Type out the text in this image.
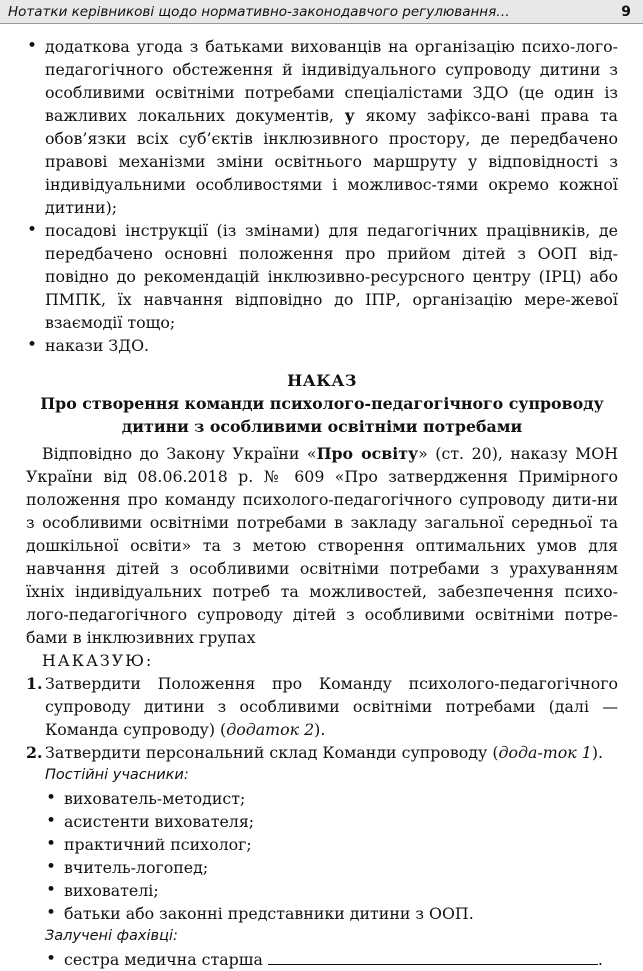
Нотатки керівникові щодо нормативно-законодавчого регулювання…	9
• додаткова угода з батьками вихованців на організацію психо-лого-педагогічного обстеження й індивідуального супроводу дитини з особливими освітніми потребами спеціалістами ЗДО (це один із важливих локальних документів, у якому зафіксо-вані права та обов’язки всіх суб’єктів інклюзивного простору, де передбачено правові механізми зміни освітнього маршруту у відповідності з індивідуальними особливостями і можливос-тями окремо кожної дитини);
• посадові інструкції (із змінами) для педагогічних працівників, де передбачено основні положення про прийом дітей з ООП від-повідно до рекомендацій інклюзивно-ресурсного центру (ІРЦ) або ПМПК, їх навчання відповідно до ІПР, організацію мере-жевої взаємодії тощо;
• накази ЗДО.
НАКАЗ
Про створення команди психолого-педагогічного супроводу
дитини з особливими освітніми потребами

Відповідно до Закону України «Про освіту» (ст. 20), наказу МОН України від 08.06.2018 р. № 609 «Про затвердження Примірного положення про команду психолого-педагогічного супроводу дити-ни з особливими освітніми потребами в закладу загальної середньої та дошкільної освіти» та з метою створення оптимальних умов для навчання дітей з особливими освітніми потребами з урахуванням їхніх індивідуальних потреб та можливостей, забезпечення психо-лого-педагогічного супроводу дітей з особливими освітніми потре-бами в інклюзивних групах

НАКАЗУЮ:
1. Затвердити Положення про Команду психолого-педагогічного супроводу дитини з особливими освітніми потребами (далі — Команда супроводу) (додаток 2).
2. Затвердити персональний склад Команди супроводу (дода-ток 1).
Постійні учасники:
• вихователь-методист;
• асистенти вихователя;
• практичний психолог;
• вчитель-логопед;
• вихователі;
• батьки або законні представники дитини з ООП.
Залучені фахівці:
• сестра медична старша	.
